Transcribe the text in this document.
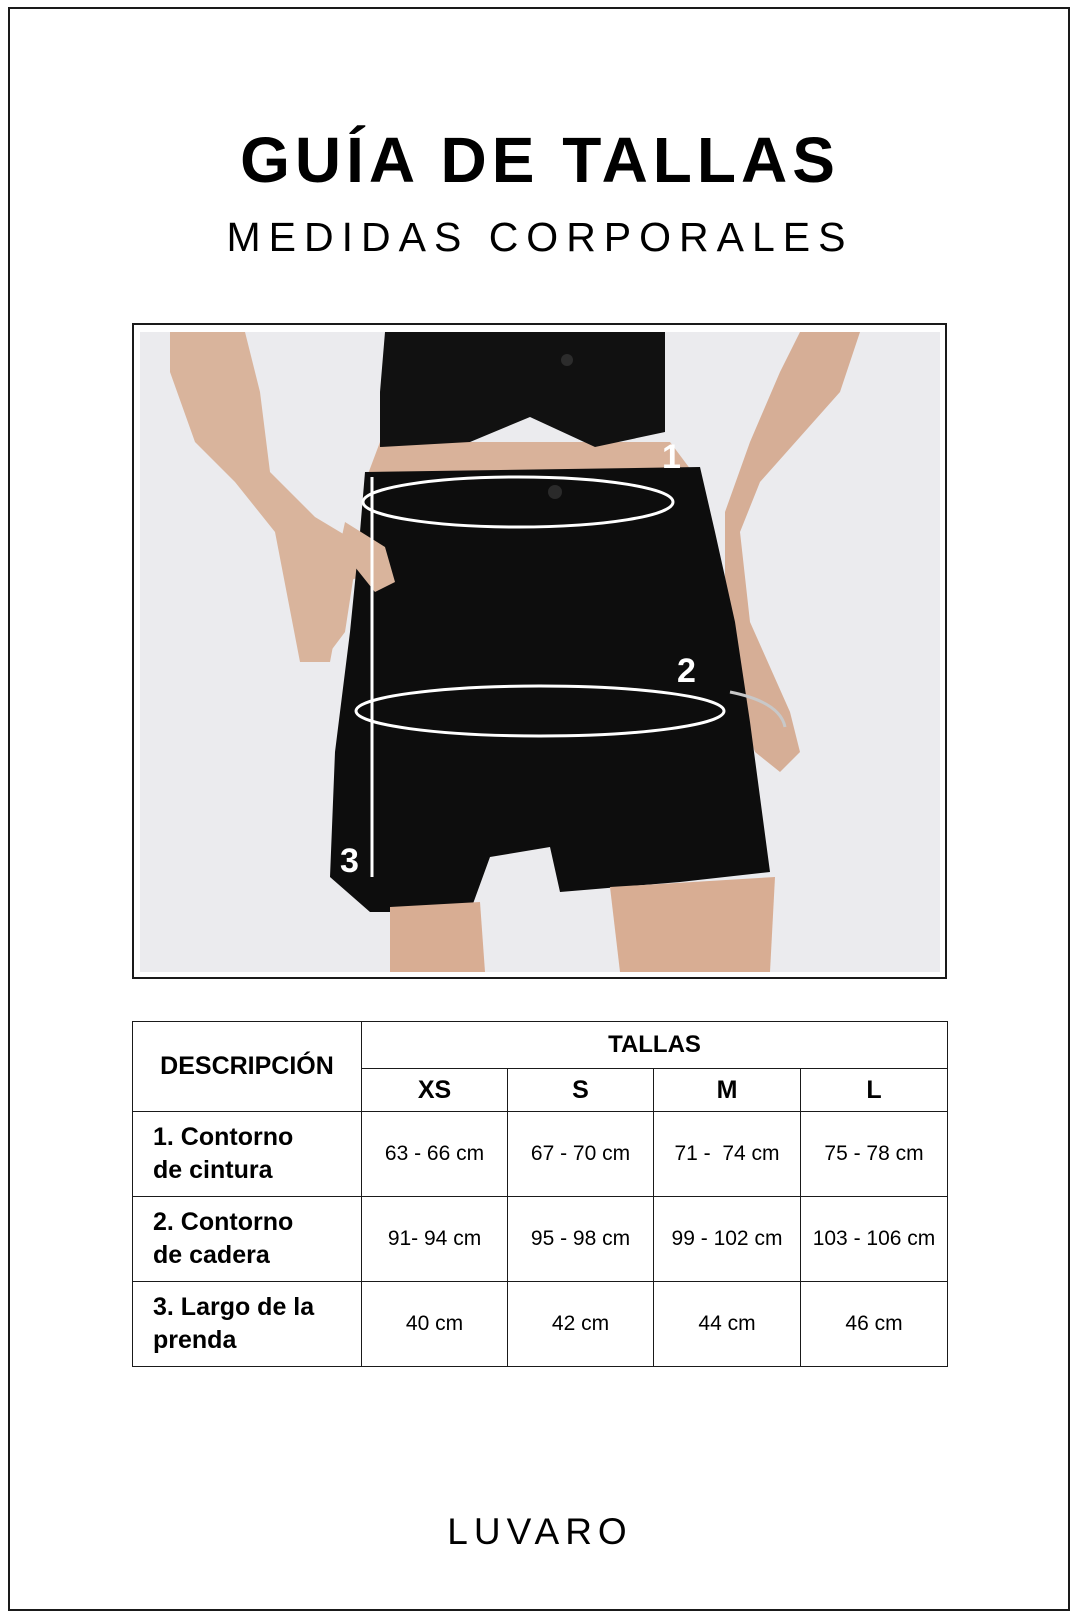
GUÍA DE TALLAS
MEDIDAS CORPORALES
1
2
3
DESCRIPCIÓN	TALLAS			
	XS	S	M	L
1. Contorno
de cintura	63 - 66 cm	67 - 70 cm	71 -  74 cm	75 - 78 cm
2. Contorno
de cadera	91- 94 cm	95 - 98 cm	99 - 102 cm	103 - 106 cm
3. Largo de la
prenda	40 cm	42 cm	44 cm	46 cm
LUVARO
